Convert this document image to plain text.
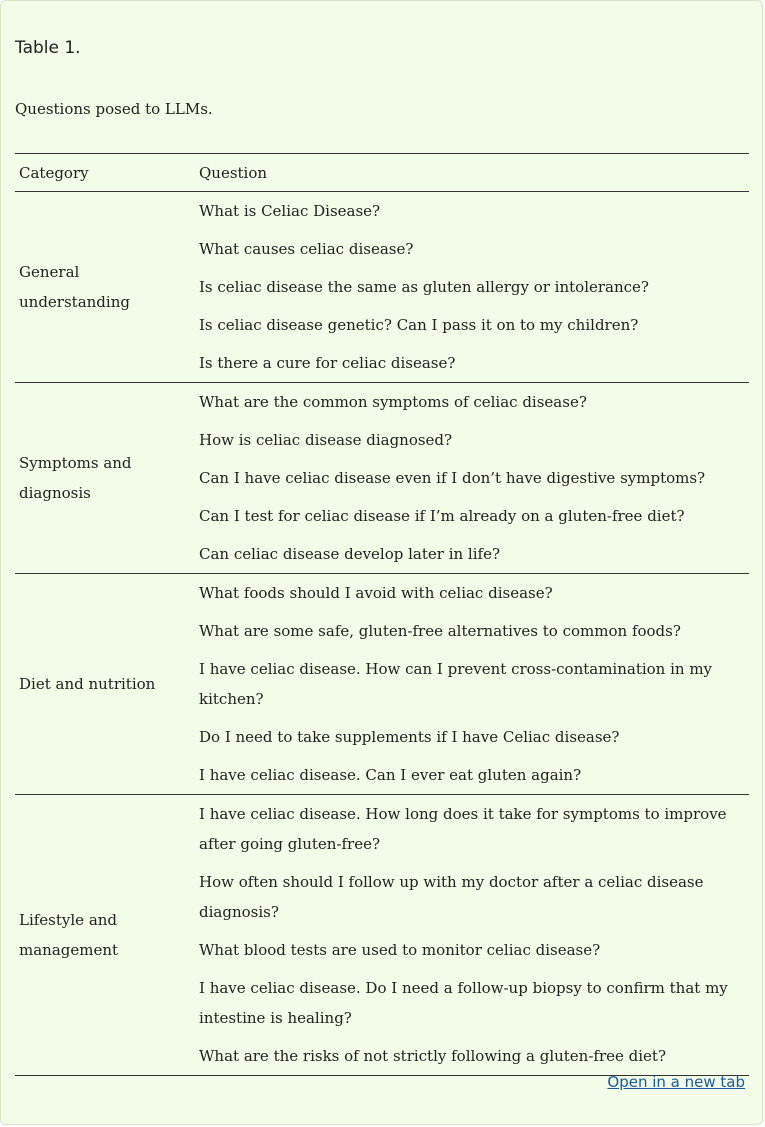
Table 1.

Questions posed to LLMs.

Category	Question
General understanding	What is Celiac Disease?
	What causes celiac disease?
	Is celiac disease the same as gluten allergy or intolerance?
	Is celiac disease genetic? Can I pass it on to my children?
	Is there a cure for celiac disease?
Symptoms and diagnosis	What are the common symptoms of celiac disease?
	How is celiac disease diagnosed?
	Can I have celiac disease even if I don’t have digestive symptoms?
	Can I test for celiac disease if I’m already on a gluten-free diet?
	Can celiac disease develop later in life?
Diet and nutrition	What foods should I avoid with celiac disease?
	What are some safe, gluten-free alternatives to common foods?
	I have celiac disease. How can I prevent cross-contamination in my kitchen?
	Do I need to take supplements if I have Celiac disease?
	I have celiac disease. Can I ever eat gluten again?
Lifestyle and management	I have celiac disease. How long does it take for symptoms to improve after going gluten-free?
	How often should I follow up with my doctor after a celiac disease diagnosis?
	What blood tests are used to monitor celiac disease?
	I have celiac disease. Do I need a follow-up biopsy to confirm that my intestine is healing?
	What are the risks of not strictly following a gluten-free diet?
Open in a new tab
